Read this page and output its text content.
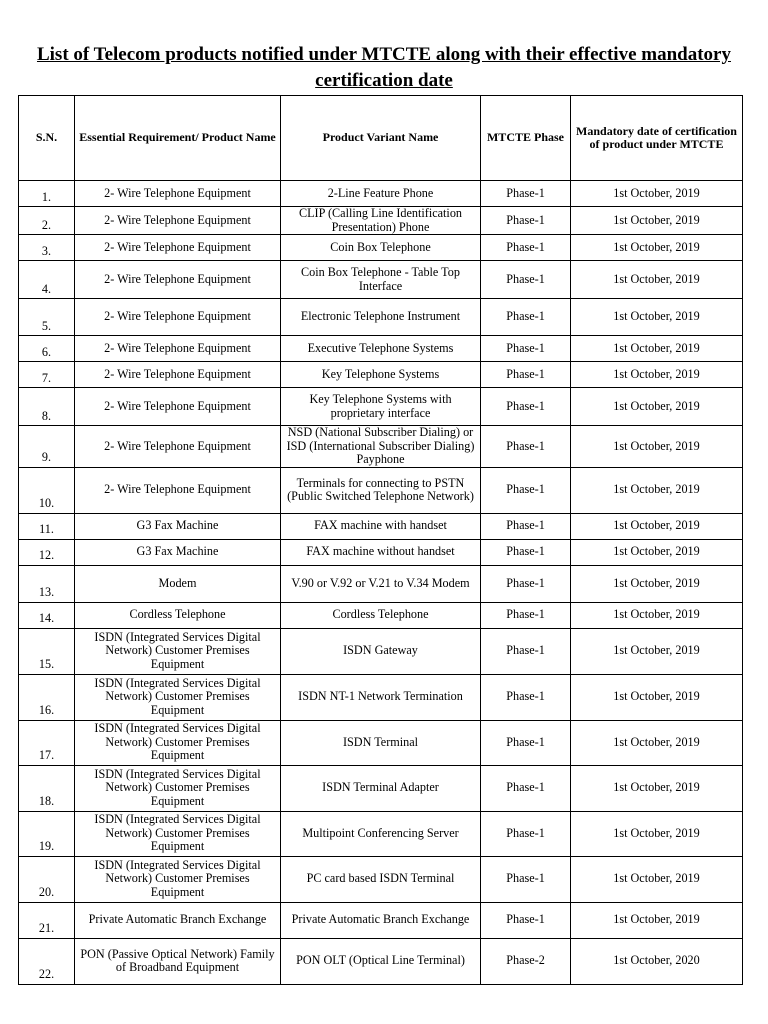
List of Telecom products notified under MTCTE along with their effective mandatory certification date
S.N.	Essential Requirement/ Product Name	Product Variant Name	MTCTE Phase	Mandatory date of certification of product under MTCTE
1.	2- Wire Telephone Equipment	2-Line Feature Phone	Phase-1	1st October, 2019
2.	2- Wire Telephone Equipment	CLIP (Calling Line Identification Presentation) Phone	Phase-1	1st October, 2019
3.	2- Wire Telephone Equipment	Coin Box Telephone	Phase-1	1st October, 2019
4.	2- Wire Telephone Equipment	Coin Box Telephone - Table Top Interface	Phase-1	1st October, 2019
5.	2- Wire Telephone Equipment	Electronic Telephone Instrument	Phase-1	1st October, 2019
6.	2- Wire Telephone Equipment	Executive Telephone Systems	Phase-1	1st October, 2019
7.	2- Wire Telephone Equipment	Key Telephone Systems	Phase-1	1st October, 2019
8.	2- Wire Telephone Equipment	Key Telephone Systems with proprietary interface	Phase-1	1st October, 2019
9.	2- Wire Telephone Equipment	NSD (National Subscriber Dialing) or ISD (International Subscriber Dialing) Payphone	Phase-1	1st October, 2019
10.	2- Wire Telephone Equipment	Terminals for connecting to PSTN (Public Switched Telephone Network)	Phase-1	1st October, 2019
11.	G3 Fax Machine	FAX machine with handset	Phase-1	1st October, 2019
12.	G3 Fax Machine	FAX machine without handset	Phase-1	1st October, 2019
13.	Modem	V.90 or V.92 or V.21 to V.34 Modem	Phase-1	1st October, 2019
14.	Cordless Telephone	Cordless Telephone	Phase-1	1st October, 2019
15.	ISDN (Integrated Services Digital Network) Customer Premises Equipment	ISDN Gateway	Phase-1	1st October, 2019
16.	ISDN (Integrated Services Digital Network) Customer Premises Equipment	ISDN NT-1 Network Termination	Phase-1	1st October, 2019
17.	ISDN (Integrated Services Digital Network) Customer Premises Equipment	ISDN Terminal	Phase-1	1st October, 2019
18.	ISDN (Integrated Services Digital Network) Customer Premises Equipment	ISDN Terminal Adapter	Phase-1	1st October, 2019
19.	ISDN (Integrated Services Digital Network) Customer Premises Equipment	Multipoint Conferencing Server	Phase-1	1st October, 2019
20.	ISDN (Integrated Services Digital Network) Customer Premises Equipment	PC card based ISDN Terminal	Phase-1	1st October, 2019
21.	Private Automatic Branch Exchange	Private Automatic Branch Exchange	Phase-1	1st October, 2019
22.	PON (Passive Optical Network) Family of Broadband Equipment	PON OLT (Optical Line Terminal)	Phase-2	1st October, 2020
